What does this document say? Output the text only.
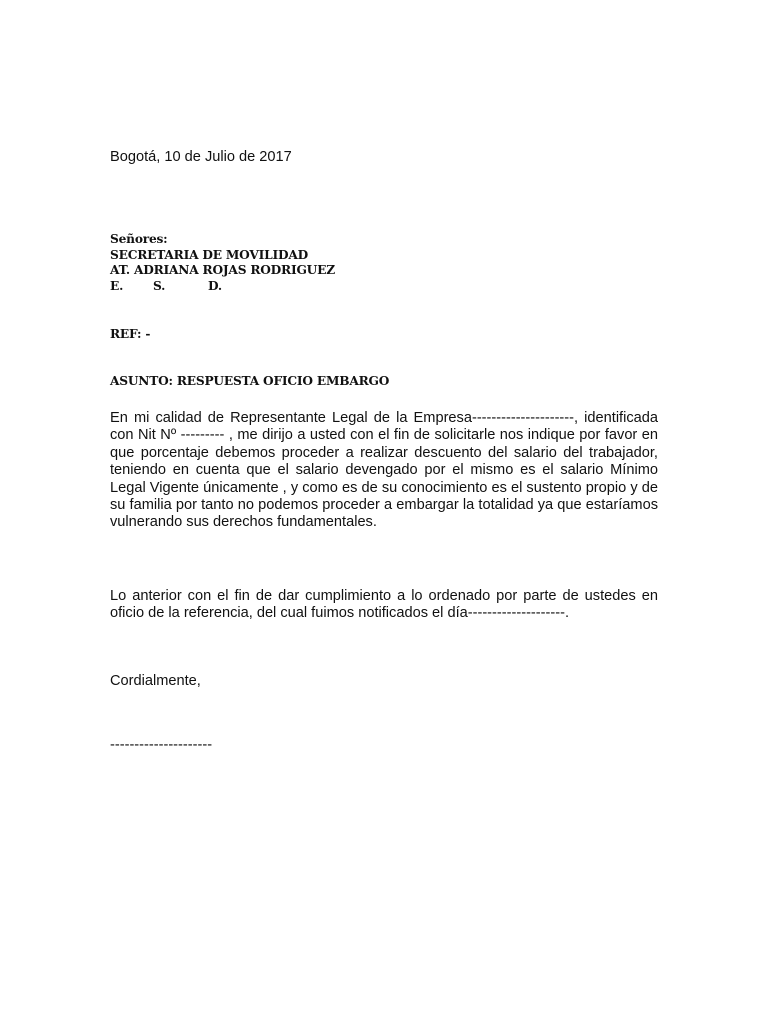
Bogotá, 10 de Julio de 2017

Señores:
SECRETARIA DE MOVILIDAD
AT. ADRIANA ROJAS RODRIGUEZ
E. S.	D.

REF: -

ASUNTO: RESPUESTA OFICIO EMBARGO

En mi calidad de Representante Legal de la Empresa---------------------, identificada con Nit Nº --------- , me dirijo a usted con el fin de solicitarle nos indique por favor en que porcentaje debemos proceder a realizar descuento del salario del trabajador, teniendo en cuenta que el salario devengado por el mismo es el salario Mínimo Legal Vigente únicamente , y como es de su conocimiento es el sustento propio y de su familia por tanto no podemos proceder a embargar la totalidad ya que estaríamos vulnerando sus derechos fundamentales.

Lo anterior con el fin de dar cumplimiento a lo ordenado por parte de ustedes en oficio de la referencia, del cual fuimos notificados el día--------------------.

Cordialmente,

---------------------
